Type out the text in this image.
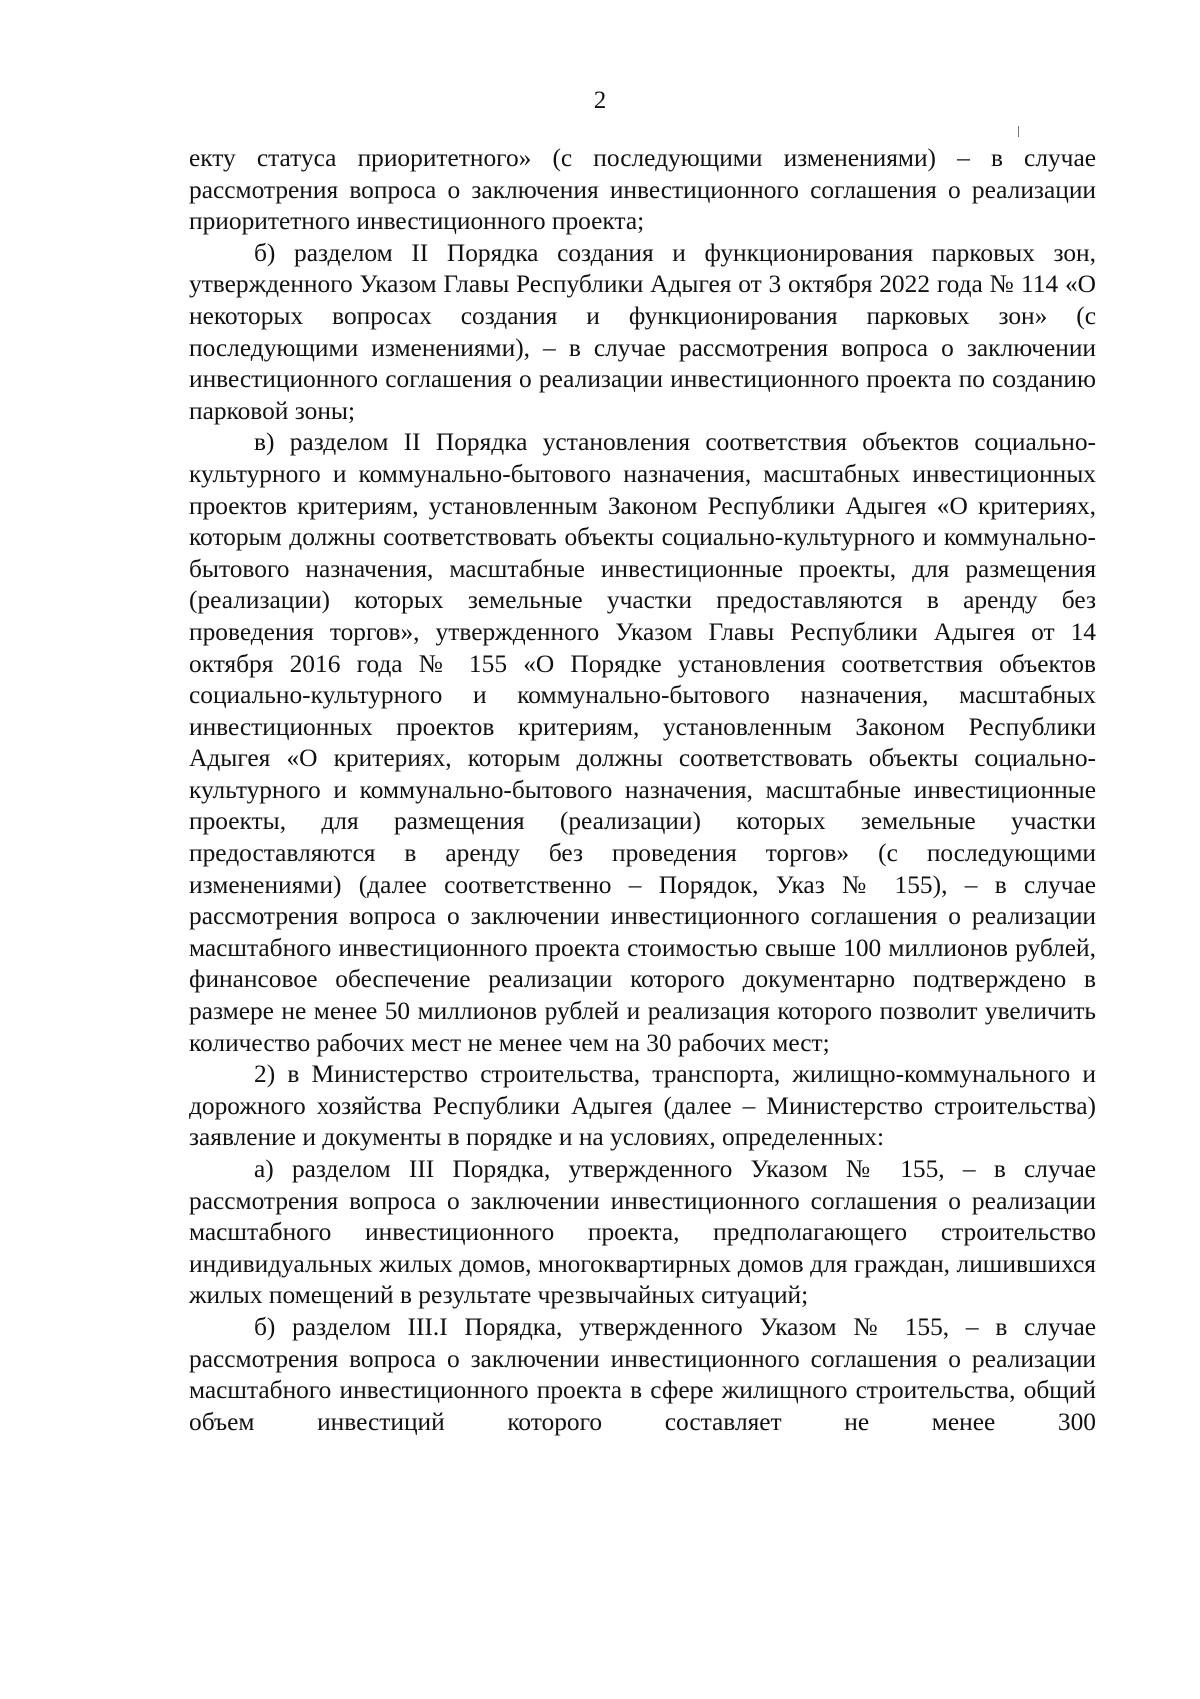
2

екту статуса приоритетного» (с последующими изменениями) – в случае рассмотрения вопроса о заключения инвестиционного соглашения о реализации приоритетного инвестиционного проекта;

б) разделом II Порядка создания и функционирования парковых зон, утвержденного Указом Главы Республики Адыгея от 3 октября 2022 года № 114 «О некоторых вопросах создания и функционирования парковых зон» (с последующими изменениями), – в случае рассмотрения вопроса о заключении инвестиционного соглашения о реализации инвестиционного проекта по созданию парковой зоны;

в) разделом II Порядка установления соответствия объектов социально-культурного и коммунально-бытового назначения, масштабных инвестиционных проектов критериям, установленным Законом Республики Адыгея «О критериях, которым должны соответствовать объекты социально-культурного и коммунально-бытового назначения, масштабные инвестиционные проекты, для размещения (реализации) которых земельные участки предоставляются в аренду без проведения торгов», утвержденного Указом Главы Республики Адыгея от 14 октября 2016 года № 155 «О Порядке установления соответствия объектов социально-культурного и коммунально-бытового назначения, масштабных инвестиционных проектов критериям, установленным Законом Республики Адыгея «О критериях, которым должны соответствовать объекты социально-культурного и коммунально-бытового назначения, масштабные инвестиционные проекты, для размещения (реализации) которых земельные участки предоставляются в аренду без проведения торгов» (с последующими изменениями) (далее соответственно – Порядок, Указ № 155), – в случае рассмотрения вопроса о заключении инвестиционного соглашения о реализации масштабного инвестиционного проекта стоимостью свыше 100 миллионов рублей, финансовое обеспечение реализации которого документарно подтверждено в размере не менее 50 миллионов рублей и реализация которого позволит увеличить количество рабочих мест не менее чем на 30 рабочих мест;

2) в Министерство строительства, транспорта, жилищно-коммунального и дорожного хозяйства Республики Адыгея (далее – Министерство строительства) заявление и документы в порядке и на условиях, определенных:

а) разделом III Порядка, утвержденного Указом № 155, – в случае рассмотрения вопроса о заключении инвестиционного соглашения о реализации масштабного инвестиционного проекта, предполагающего строительство индивидуальных жилых домов, многоквартирных домов для граждан, лишившихся жилых помещений в результате чрезвычайных ситуаций;

б) разделом III.I Порядка, утвержденного Указом № 155, – в случае рассмотрения вопроса о заключении инвестиционного соглашения о реализации масштабного инвестиционного проекта в сфере жилищного строительства, общий объем инвестиций которого составляет не менее 300
